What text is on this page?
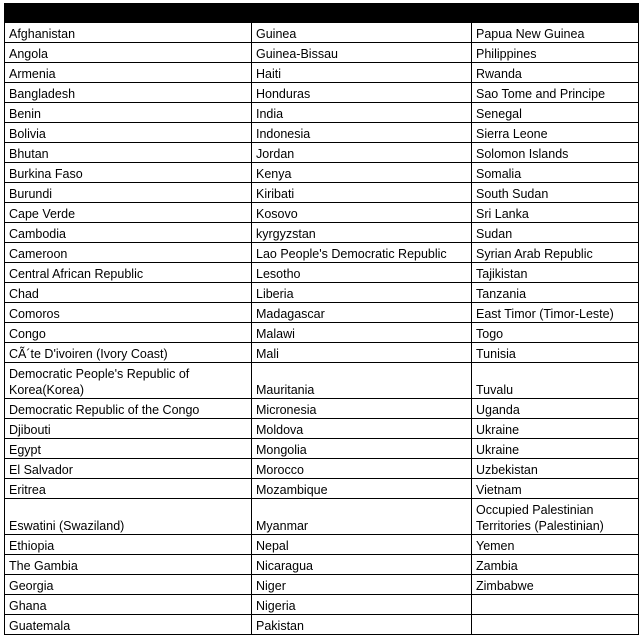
Afghanistan	Guinea	Papua New Guinea
Angola	Guinea-Bissau	Philippines
Armenia	Haiti	Rwanda
Bangladesh	Honduras	Sao Tome and Principe
Benin	India	Senegal
Bolivia	Indonesia	Sierra Leone
Bhutan	Jordan	Solomon Islands
Burkina Faso	Kenya	Somalia
Burundi	Kiribati	South Sudan
Cape Verde	Kosovo	Sri Lanka
Cambodia	kyrgyzstan	Sudan
Cameroon	Lao People's Democratic Republic	Syrian Arab Republic
Central African Republic	Lesotho	Tajikistan
Chad	Liberia	Tanzania
Comoros	Madagascar	East Timor (Timor-Leste)
Congo	Malawi	Togo
CÃ´te D'ivoiren (Ivory Coast)	Mali	Tunisia
Democratic People's Republic of Korea(Korea)	Mauritania	Tuvalu
Democratic Republic of the Congo	Micronesia	Uganda
Djibouti	Moldova	Ukraine
Egypt	Mongolia	Ukraine
El Salvador	Morocco	Uzbekistan
Eritrea	Mozambique	Vietnam
Eswatini (Swaziland)	Myanmar	Occupied Palestinian Territories (Palestinian)
Ethiopia	Nepal	Yemen
The Gambia	Nicaragua	Zambia
Georgia	Niger	Zimbabwe
Ghana	Nigeria	
Guatemala	Pakistan	
